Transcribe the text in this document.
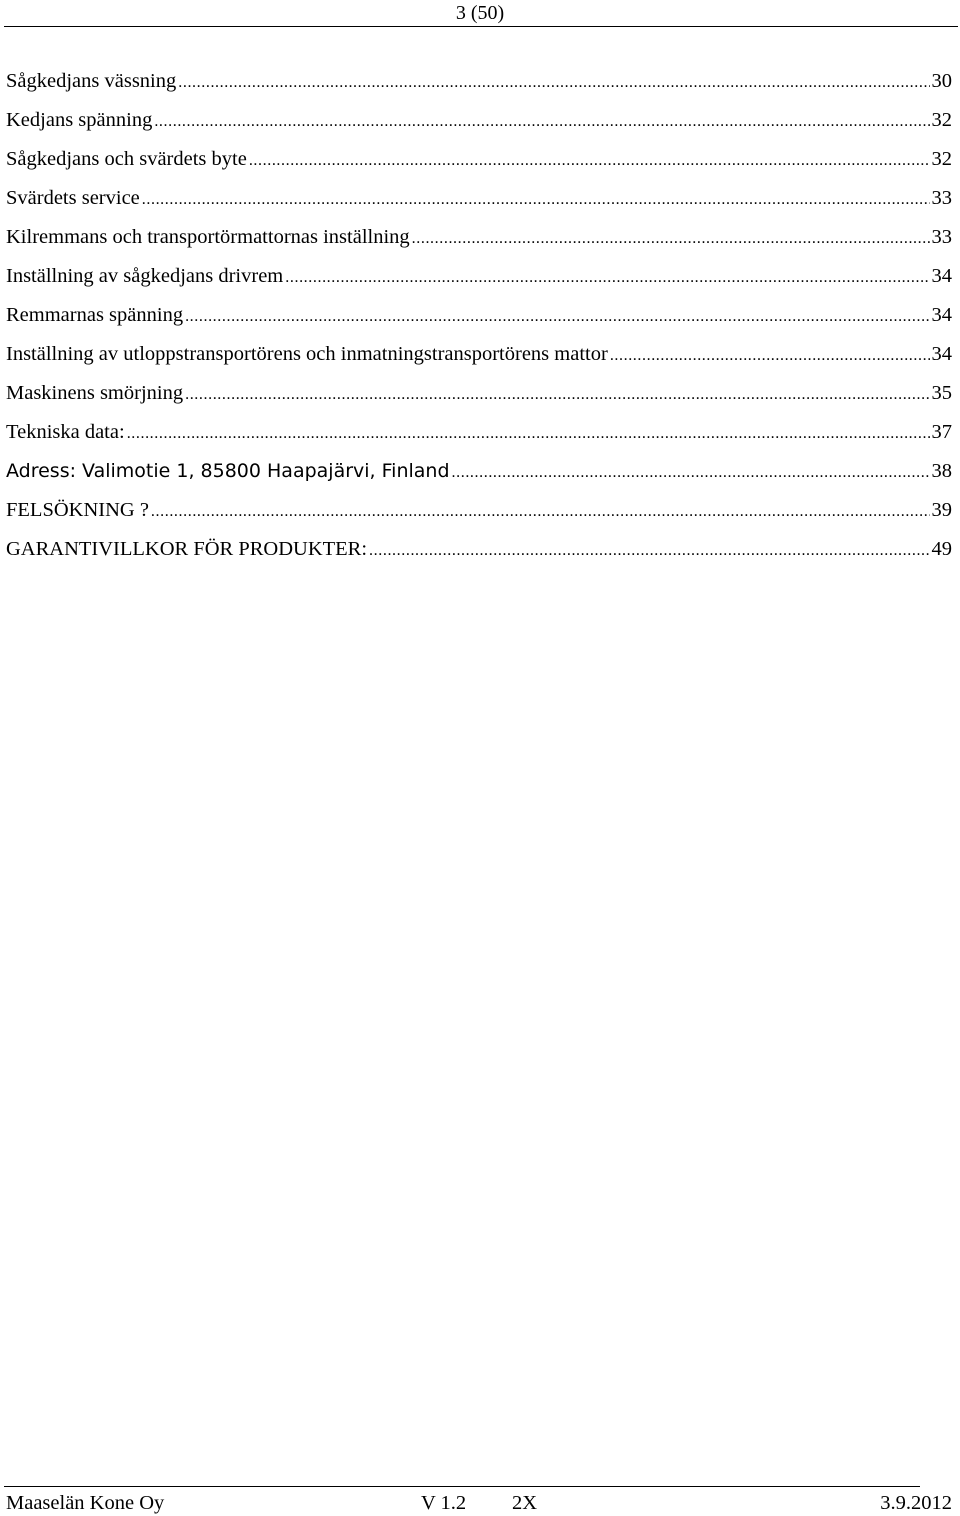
3 (50)
Sågkedjans vässning .....	30
Kedjans spänning .....	32
Sågkedjans och svärdets byte .....	32
Svärdets service .....	33
Kilremmans och transportörmattornas inställning .....	33
Inställning av sågkedjans drivrem .....	34
Remmarnas spänning .....	34
Inställning av utloppstransportörens och inmatningstransportörens mattor .....	34
Maskinens smörjning .....	35
Tekniska data: .....	37
Adress: Valimotie 1, 85800 Haapajärvi, Finland .....	38
FELSÖKNING ? .....	39
GARANTIVILLKOR FÖR PRODUKTER: .....	49
Maaselän Kone Oy	V 1.2 2X	3.9.2012
